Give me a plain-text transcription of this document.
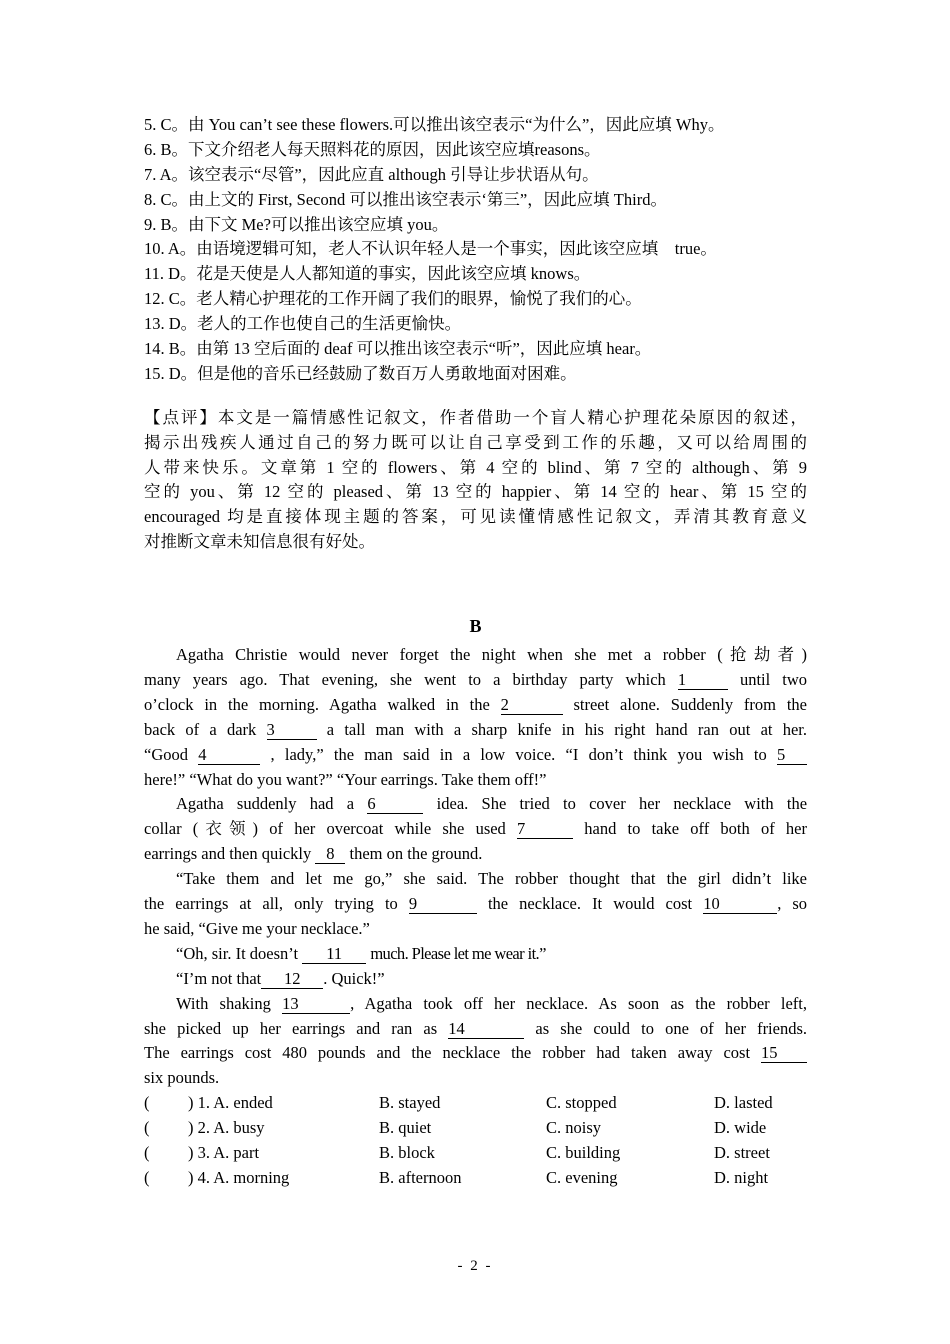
5. C。由 You can’t see these flowers.可以推出该空表示“为什么”，因此应填 Why。
6. B。下文介绍老人每天照料花的原因，因此该空应填reasons。
7. A。该空表示“尽管”，因此应直 although 引导让步状语从句。
8. C。由上文的 First, Second 可以推出该空表示‘第三”，因此应填 Third。
9. B。由下文 Me?可以推出该空应填 you。
10. A。由语境逻辑可知，老人不认识年轻人是一个事实，因此该空应填　true。
11. D。花是天使是人人都知道的事实，因此该空应填 knows。
12. C。老人精心护理花的工作开阔了我们的眼界，愉悦了我们的心。
13. D。老人的工作也使自己的生活更愉快。
14. B。由第 13 空后面的 deaf 可以推出该空表示“听”，因此应填 hear。
15. D。但是他的音乐已经鼓励了数百万人勇敢地面对困难。
【点评】本文是一篇情感性记叙文，作者借助一个盲人精心护理花朵原因的叙述，
揭示出残疾人通过自己的努力既可以让自己享受到工作的乐趣，又可以给周围的
人带来快乐。文章第 1 空的 flowers、第 4 空的 blind、第 7 空的 although、第 9
空的 you、第 12 空的 pleased、第 13 空的 happier、第 14 空的 hear、第 15 空的
encouraged 均是直接体现主题的答案，可见读懂情感性记叙文，弄清其教育意义
对推断文章未知信息很有好处。
B
Agatha Christie would never forget the night when she met a robber (抢劫者)
many years ago. That evening, she went to a birthday party which 1	until two
o’clock in the morning. Agatha walked in the 2	street alone. Suddenly from the
back of a dark 3	a tall man with a sharp knife in his right hand ran out at her.
“Good 4	, lady,” the man said in a low voice. “I don’t think you wish to 5
here!” “What do you want?” “Your earrings. Take them off!”
Agatha suddenly had a 6	idea. She tried to cover her necklace with the
collar (衣领) of her overcoat while she used 7	hand to take off both of her
earrings and then quickly 8 them on the ground.
“Take them and let me go,” she said. The robber thought that the girl didn’t like
the earrings at all, only trying to 9	the necklace. It would cost 10	, so
he said, “Give me your necklace.”
“Oh, sir. It doesn’t 11 much. Please let me wear it.”
“I’m not that 12 . Quick!”
With shaking 13	, Agatha took off her necklace. As soon as the robber left,
she picked up her earrings and ran as 14	as she could to one of her friends.
The earrings cost 480 pounds and the necklace the robber had taken away cost 15
six pounds.
( ) 1. A. ended	B. stayed	C. stopped	D. lasted
( ) 2. A. busy	B. quiet	C. noisy	D. wide
( ) 3. A. part	B. block	C. building	D. street
( ) 4. A. morning	B. afternoon	C. evening	D. night
- 2 -
